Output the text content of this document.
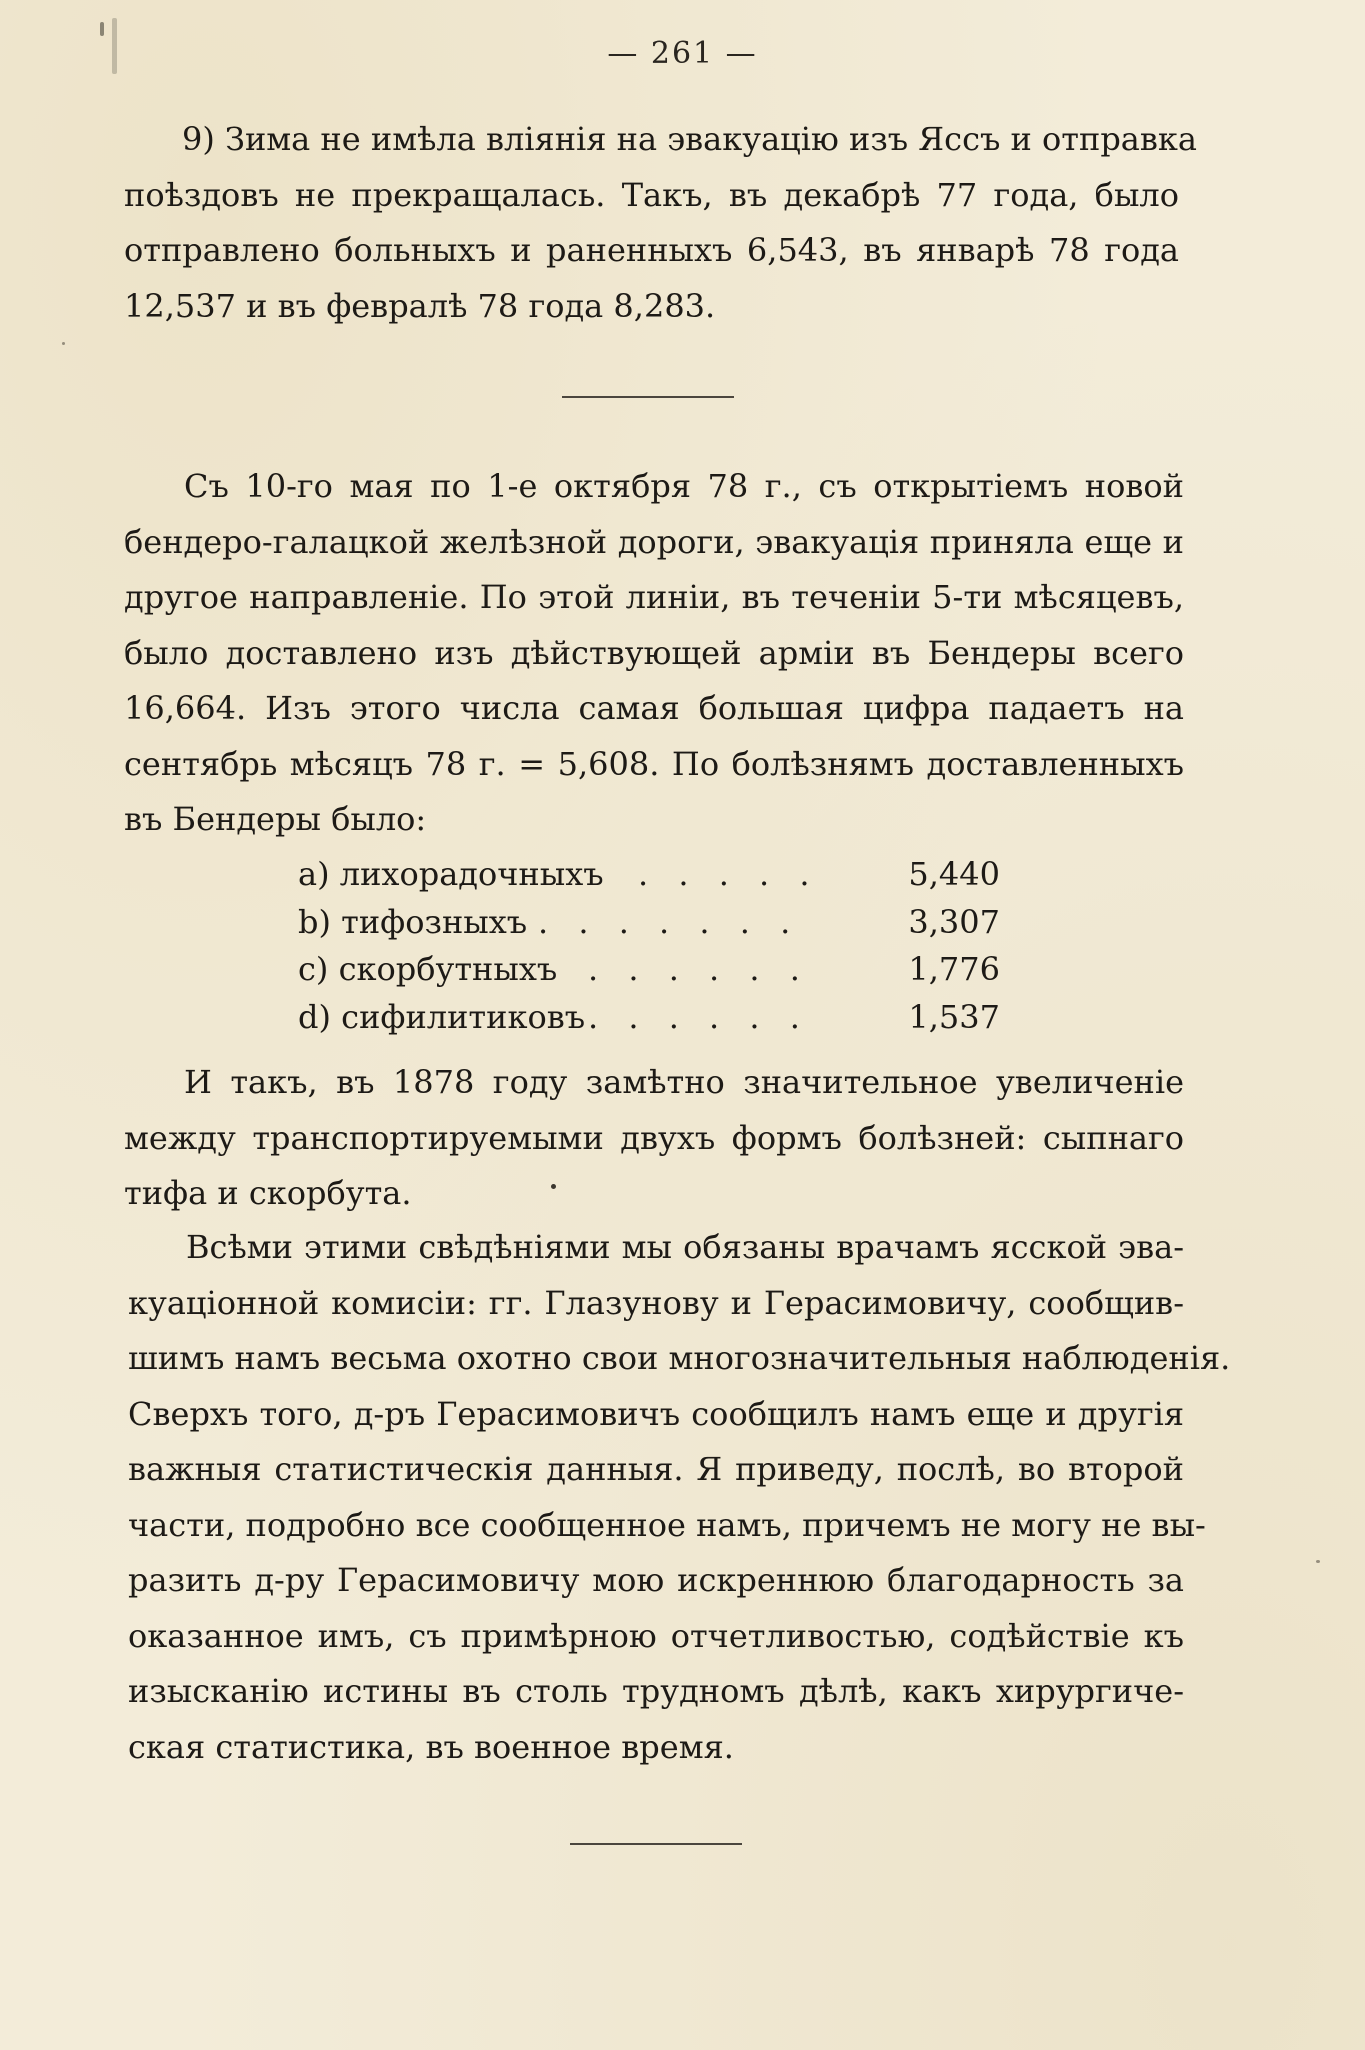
— 261 —
9) Зима не имѣла вліянія на эвакуацію изъ Яссъ и отправка
поѣздовъ не прекращалась. Такъ, въ декабрѣ 77 года, было
отправлено больныхъ и раненныхъ 6,543, въ январѣ 78 года
12,537 и въ февралѣ 78 года 8,283.
Съ 10-го мая по 1-е октября 78 г., съ открытіемъ новой
бендеро-галацкой желѣзной дороги, эвакуація приняла еще и
другое направленіе. По этой линіи, въ теченіи 5-ти мѣсяцевъ,
было доставлено изъ дѣйствующей арміи въ Бендеры всего
16,664. Изъ этого числа самая большая цифра падаетъ на
сентябрь мѣсяцъ 78 г. = 5,608. По болѣзнямъ доставленныхъ
въ Бендеры было:
a) лихорадочныхъ . . . . .	5,440
b) тифозныхъ . . . . . . .	3,307
c) скорбутныхъ . . . . . .	1,776
d) сифилитиковъ . . . . . .	1,537
И такъ, въ 1878 году замѣтно значительное увеличеніе
между транспортируемыми двухъ формъ болѣзней: сыпнаго
тифа и скорбута.
Всѣми этими свѣдѣніями мы обязаны врачамъ ясской эва-
куаціонной комисіи: гг. Глазунову и Герасимовичу, сообщив-
шимъ намъ весьма охотно свои многозначительныя наблюденія.
Сверхъ того, д-ръ Герасимовичъ сообщилъ намъ еще и другія
важныя статистическія данныя. Я приведу, послѣ, во второй
части, подробно все сообщенное намъ, причемъ не могу не вы-
разить д-ру Герасимовичу мою искреннюю благодарность за
оказанное имъ, съ примѣрною отчетливостью, содѣйствіе къ
изысканію истины въ столь трудномъ дѣлѣ, какъ хирургиче-
ская статистика, въ военное время.
